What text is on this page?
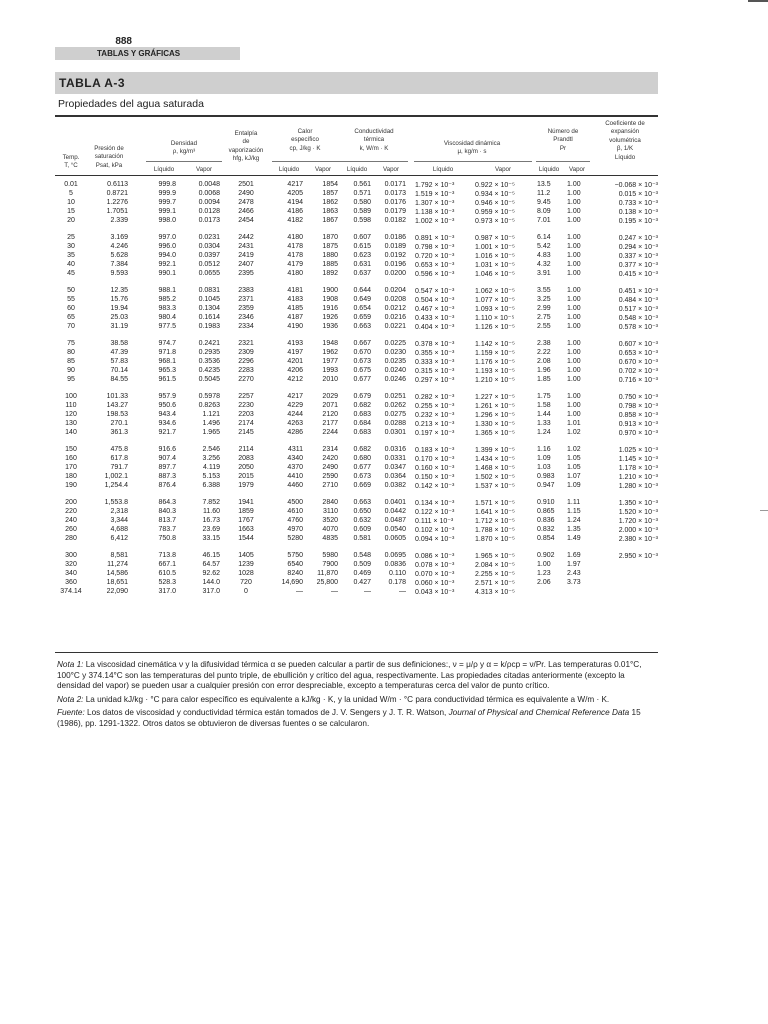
888
TABLAS Y GRÁFICAS
TABLA A-3
Propiedades del agua saturada
Temp.
T, °C
Presión de
saturación
Psat, kPa
Densidad
ρ, kg/m³
Entalpía
de
vaporización
hfg, kJ/kg
Calor
específico
cp, J/kg · K
Conductividad
térmica
k, W/m · K
Viscosidad dinámica
μ, kg/m · s
Número de
Prandtl
Pr
Coeficiente de
expansión
volumétrica
β, 1/K
Líquido
Líquido	Vapor	Líquido	Vapor	Líquido	Vapor	Líquido	Vapor	Líquido	Vapor
0.01	0.6113	999.8	0.0048	2501	4217	1854	0.561	0.0171 1.792 × 10⁻³	0.922 × 10⁻⁵	13.5	1.00	−0.068 × 10⁻³
5	0.8721	999.9	0.0068	2490	4205	1857	0.571	0.0173 1.519 × 10⁻³	0.934 × 10⁻⁵	11.2	1.00	0.015 × 10⁻³
10	1.2276	999.7	0.0094	2478	4194	1862	0.580	0.0176 1.307 × 10⁻³	0.946 × 10⁻⁵	9.45	1.00	0.733 × 10⁻³
15	1.7051	999.1	0.0128	2466	4186	1863	0.589	0.0179 1.138 × 10⁻³	0.959 × 10⁻⁵	8.09	1.00	0.138 × 10⁻³
20	2.339	998.0	0.0173	2454	4182	1867	0.598	0.0182 1.002 × 10⁻³	0.973 × 10⁻⁵	7.01	1.00	0.195 × 10⁻³
25	3.169	997.0	0.0231	2442	4180	1870	0.607	0.0186 0.891 × 10⁻³	0.987 × 10⁻⁵	6.14	1.00	0.247 × 10⁻³
30	4.246	996.0	0.0304	2431	4178	1875	0.615	0.0189 0.798 × 10⁻³	1.001 × 10⁻⁵	5.42	1.00	0.294 × 10⁻³
35	5.628	994.0	0.0397	2419	4178	1880	0.623	0.0192 0.720 × 10⁻³	1.016 × 10⁻⁵	4.83	1.00	0.337 × 10⁻³
40	7.384	992.1	0.0512	2407	4179	1885	0.631	0.0196 0.653 × 10⁻³	1.031 × 10⁻⁵	4.32	1.00	0.377 × 10⁻³
45	9.593	990.1	0.0655	2395	4180	1892	0.637	0.0200 0.596 × 10⁻³	1.046 × 10⁻⁵	3.91	1.00	0.415 × 10⁻³
50	12.35	988.1	0.0831	2383	4181	1900	0.644	0.0204 0.547 × 10⁻³	1.062 × 10⁻⁵	3.55	1.00	0.451 × 10⁻³
55	15.76	985.2	0.1045	2371	4183	1908	0.649	0.0208 0.504 × 10⁻³	1.077 × 10⁻⁵	3.25	1.00	0.484 × 10⁻³
60	19.94	983.3	0.1304	2359	4185	1916	0.654	0.0212 0.467 × 10⁻³	1.093 × 10⁻⁵	2.99	1.00	0.517 × 10⁻³
65	25.03	980.4	0.1614	2346	4187	1926	0.659	0.0216 0.433 × 10⁻³	1.110 × 10⁻⁵	2.75	1.00	0.548 × 10⁻³
70	31.19	977.5	0.1983	2334	4190	1936	0.663	0.0221 0.404 × 10⁻³	1.126 × 10⁻⁵	2.55	1.00	0.578 × 10⁻³
75	38.58	974.7	0.2421	2321	4193	1948	0.667	0.0225 0.378 × 10⁻³	1.142 × 10⁻⁵	2.38	1.00	0.607 × 10⁻³
80	47.39	971.8	0.2935	2309	4197	1962	0.670	0.0230 0.355 × 10⁻³	1.159 × 10⁻⁵	2.22	1.00	0.653 × 10⁻³
85	57.83	968.1	0.3536	2296	4201	1977	0.673	0.0235 0.333 × 10⁻³	1.176 × 10⁻⁵	2.08	1.00	0.670 × 10⁻³
90	70.14	965.3	0.4235	2283	4206	1993	0.675	0.0240 0.315 × 10⁻³	1.193 × 10⁻⁵	1.96	1.00	0.702 × 10⁻³
95	84.55	961.5	0.5045	2270	4212	2010	0.677	0.0246 0.297 × 10⁻³	1.210 × 10⁻⁵	1.85	1.00	0.716 × 10⁻³
100	101.33	957.9	0.5978	2257	4217	2029	0.679	0.0251 0.282 × 10⁻³	1.227 × 10⁻⁵	1.75	1.00	0.750 × 10⁻³
110	143.27	950.6	0.8263	2230	4229	2071	0.682	0.0262 0.255 × 10⁻³	1.261 × 10⁻⁵	1.58	1.00	0.798 × 10⁻³
120	198.53	943.4	1.121	2203	4244	2120	0.683	0.0275 0.232 × 10⁻³	1.296 × 10⁻⁵	1.44	1.00	0.858 × 10⁻³
130	270.1	934.6	1.496	2174	4263	2177	0.684	0.0288 0.213 × 10⁻³	1.330 × 10⁻⁵	1.33	1.01	0.913 × 10⁻³
140	361.3	921.7	1.965	2145	4286	2244	0.683	0.0301 0.197 × 10⁻³	1.365 × 10⁻⁵	1.24	1.02	0.970 × 10⁻³
150	475.8	916.6	2.546	2114	4311	2314	0.682	0.0316 0.183 × 10⁻³	1.399 × 10⁻⁵	1.16	1.02	1.025 × 10⁻³
160	617.8	907.4	3.256	2083	4340	2420	0.680	0.0331 0.170 × 10⁻³	1.434 × 10⁻⁵	1.09	1.05	1.145 × 10⁻³
170	791.7	897.7	4.119	2050	4370	2490	0.677	0.0347 0.160 × 10⁻³	1.468 × 10⁻⁵	1.03	1.05	1.178 × 10⁻³
180	1,002.1	887.3	5.153	2015	4410	2590	0.673	0.0364 0.150 × 10⁻³	1.502 × 10⁻⁵	0.983	1.07	1.210 × 10⁻³
190	1,254.4	876.4	6.388	1979	4460	2710	0.669	0.0382 0.142 × 10⁻³	1.537 × 10⁻⁵	0.947	1.09	1.280 × 10⁻³
200	1,553.8	864.3	7.852	1941	4500	2840	0.663	0.0401 0.134 × 10⁻³	1.571 × 10⁻⁵	0.910	1.11	1.350 × 10⁻³
220	2,318	840.3	11.60	1859	4610	3110	0.650	0.0442 0.122 × 10⁻³	1.641 × 10⁻⁵	0.865	1.15	1.520 × 10⁻³
240	3,344	813.7	16.73	1767	4760	3520	0.632	0.0487 0.111 × 10⁻³	1.712 × 10⁻⁵	0.836	1.24	1.720 × 10⁻³
260	4,688	783.7	23.69	1663	4970	4070	0.609	0.0540 0.102 × 10⁻³	1.788 × 10⁻⁵	0.832	1.35	2.000 × 10⁻³
280	6,412	750.8	33.15	1544	5280	4835	0.581	0.0605 0.094 × 10⁻³	1.870 × 10⁻⁵	0.854	1.49	2.380 × 10⁻³
300	8,581	713.8	46.15	1405	5750	5980	0.548	0.0695 0.086 × 10⁻³	1.965 × 10⁻⁵	0.902	1.69	2.950 × 10⁻³
320	11,274	667.1	64.57	1239	6540	7900	0.509	0.0836 0.078 × 10⁻³	2.084 × 10⁻⁵	1.00	1.97
340	14,586	610.5	92.62	1028	8240	11,870	0.469	0.110 0.070 × 10⁻³	2.255 × 10⁻⁵	1.23	2.43
360	18,651	528.3	144.0	720	14,690	25,800	0.427	0.178 0.060 × 10⁻³	2.571 × 10⁻⁵	2.06	3.73
374.14	22,090	317.0	317.0	0	—	—	—	— 0.043 × 10⁻³	4.313 × 10⁻⁵

Nota 1: La viscosidad cinemática ν y la difusividad térmica α se pueden calcular a partir de sus definiciones:, ν = μ/ρ y α = k/ρcp = ν/Pr. Las temperaturas 0.01°C, 100°C y 374.14°C son las temperaturas del punto triple, de ebullición y crítico del agua, respectivamente. Las propiedades citadas anteriormente (excepto la densidad del vapor) se pueden usar a cualquier presión con error despreciable, excepto a temperaturas cerca del valor de punto crítico.

Nota 2: La unidad kJ/kg · °C para calor específico es equivalente a kJ/kg · K, y la unidad W/m · °C para conductividad térmica es equivalente a W/m · K.

Fuente: Los datos de viscosidad y conductividad térmica están tomados de J. V. Sengers y J. T. R. Watson, Journal of Physical and Chemical Reference Data 15 (1986), pp. 1291-1322. Otros datos se obtuvieron de diversas fuentes o se calcularon.
